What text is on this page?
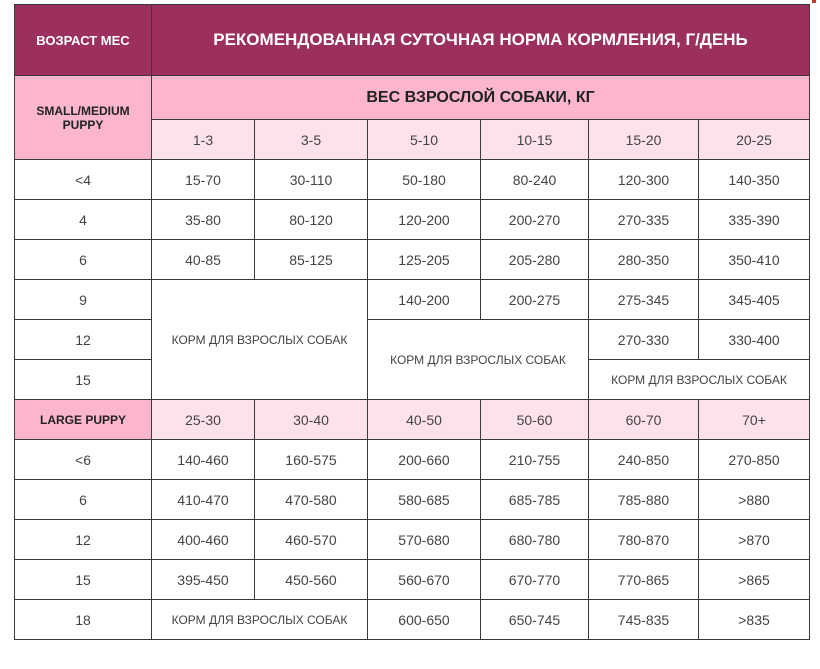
ВОЗРАСТ МЕС	РЕКОМЕНДОВАННАЯ СУТОЧНАЯ НОРМА КОРМЛЕНИЯ, Г/ДЕНЬ					
SMALL/MEDIUM PUPPY	ВЕС ВЗРОСЛОЙ СОБАКИ, КГ					
	1-3	3-5	5-10	10-15	15-20	20-25
<4	15-70	30-110	50-180	80-240	120-300	140-350
4	35-80	80-120	120-200	200-270	270-335	335-390
6	40-85	85-125	125-205	205-280	280-350	350-410
9	КОРМ ДЛЯ ВЗРОСЛЫХ СОБАК		140-200	200-275	275-345	345-405
12			КОРМ ДЛЯ ВЗРОСЛЫХ СОБАК		270-330	330-400
15					КОРМ ДЛЯ ВЗРОСЛЫХ СОБАК	
LARGE PUPPY	25-30	30-40	40-50	50-60	60-70	70+
<6	140-460	160-575	200-660	210-755	240-850	270-850
6	410-470	470-580	580-685	685-785	785-880	>880
12	400-460	460-570	570-680	680-780	780-870	>870
15	395-450	450-560	560-670	670-770	770-865	>865
18	КОРМ ДЛЯ ВЗРОСЛЫХ СОБАК		600-650	650-745	745-835	>835
